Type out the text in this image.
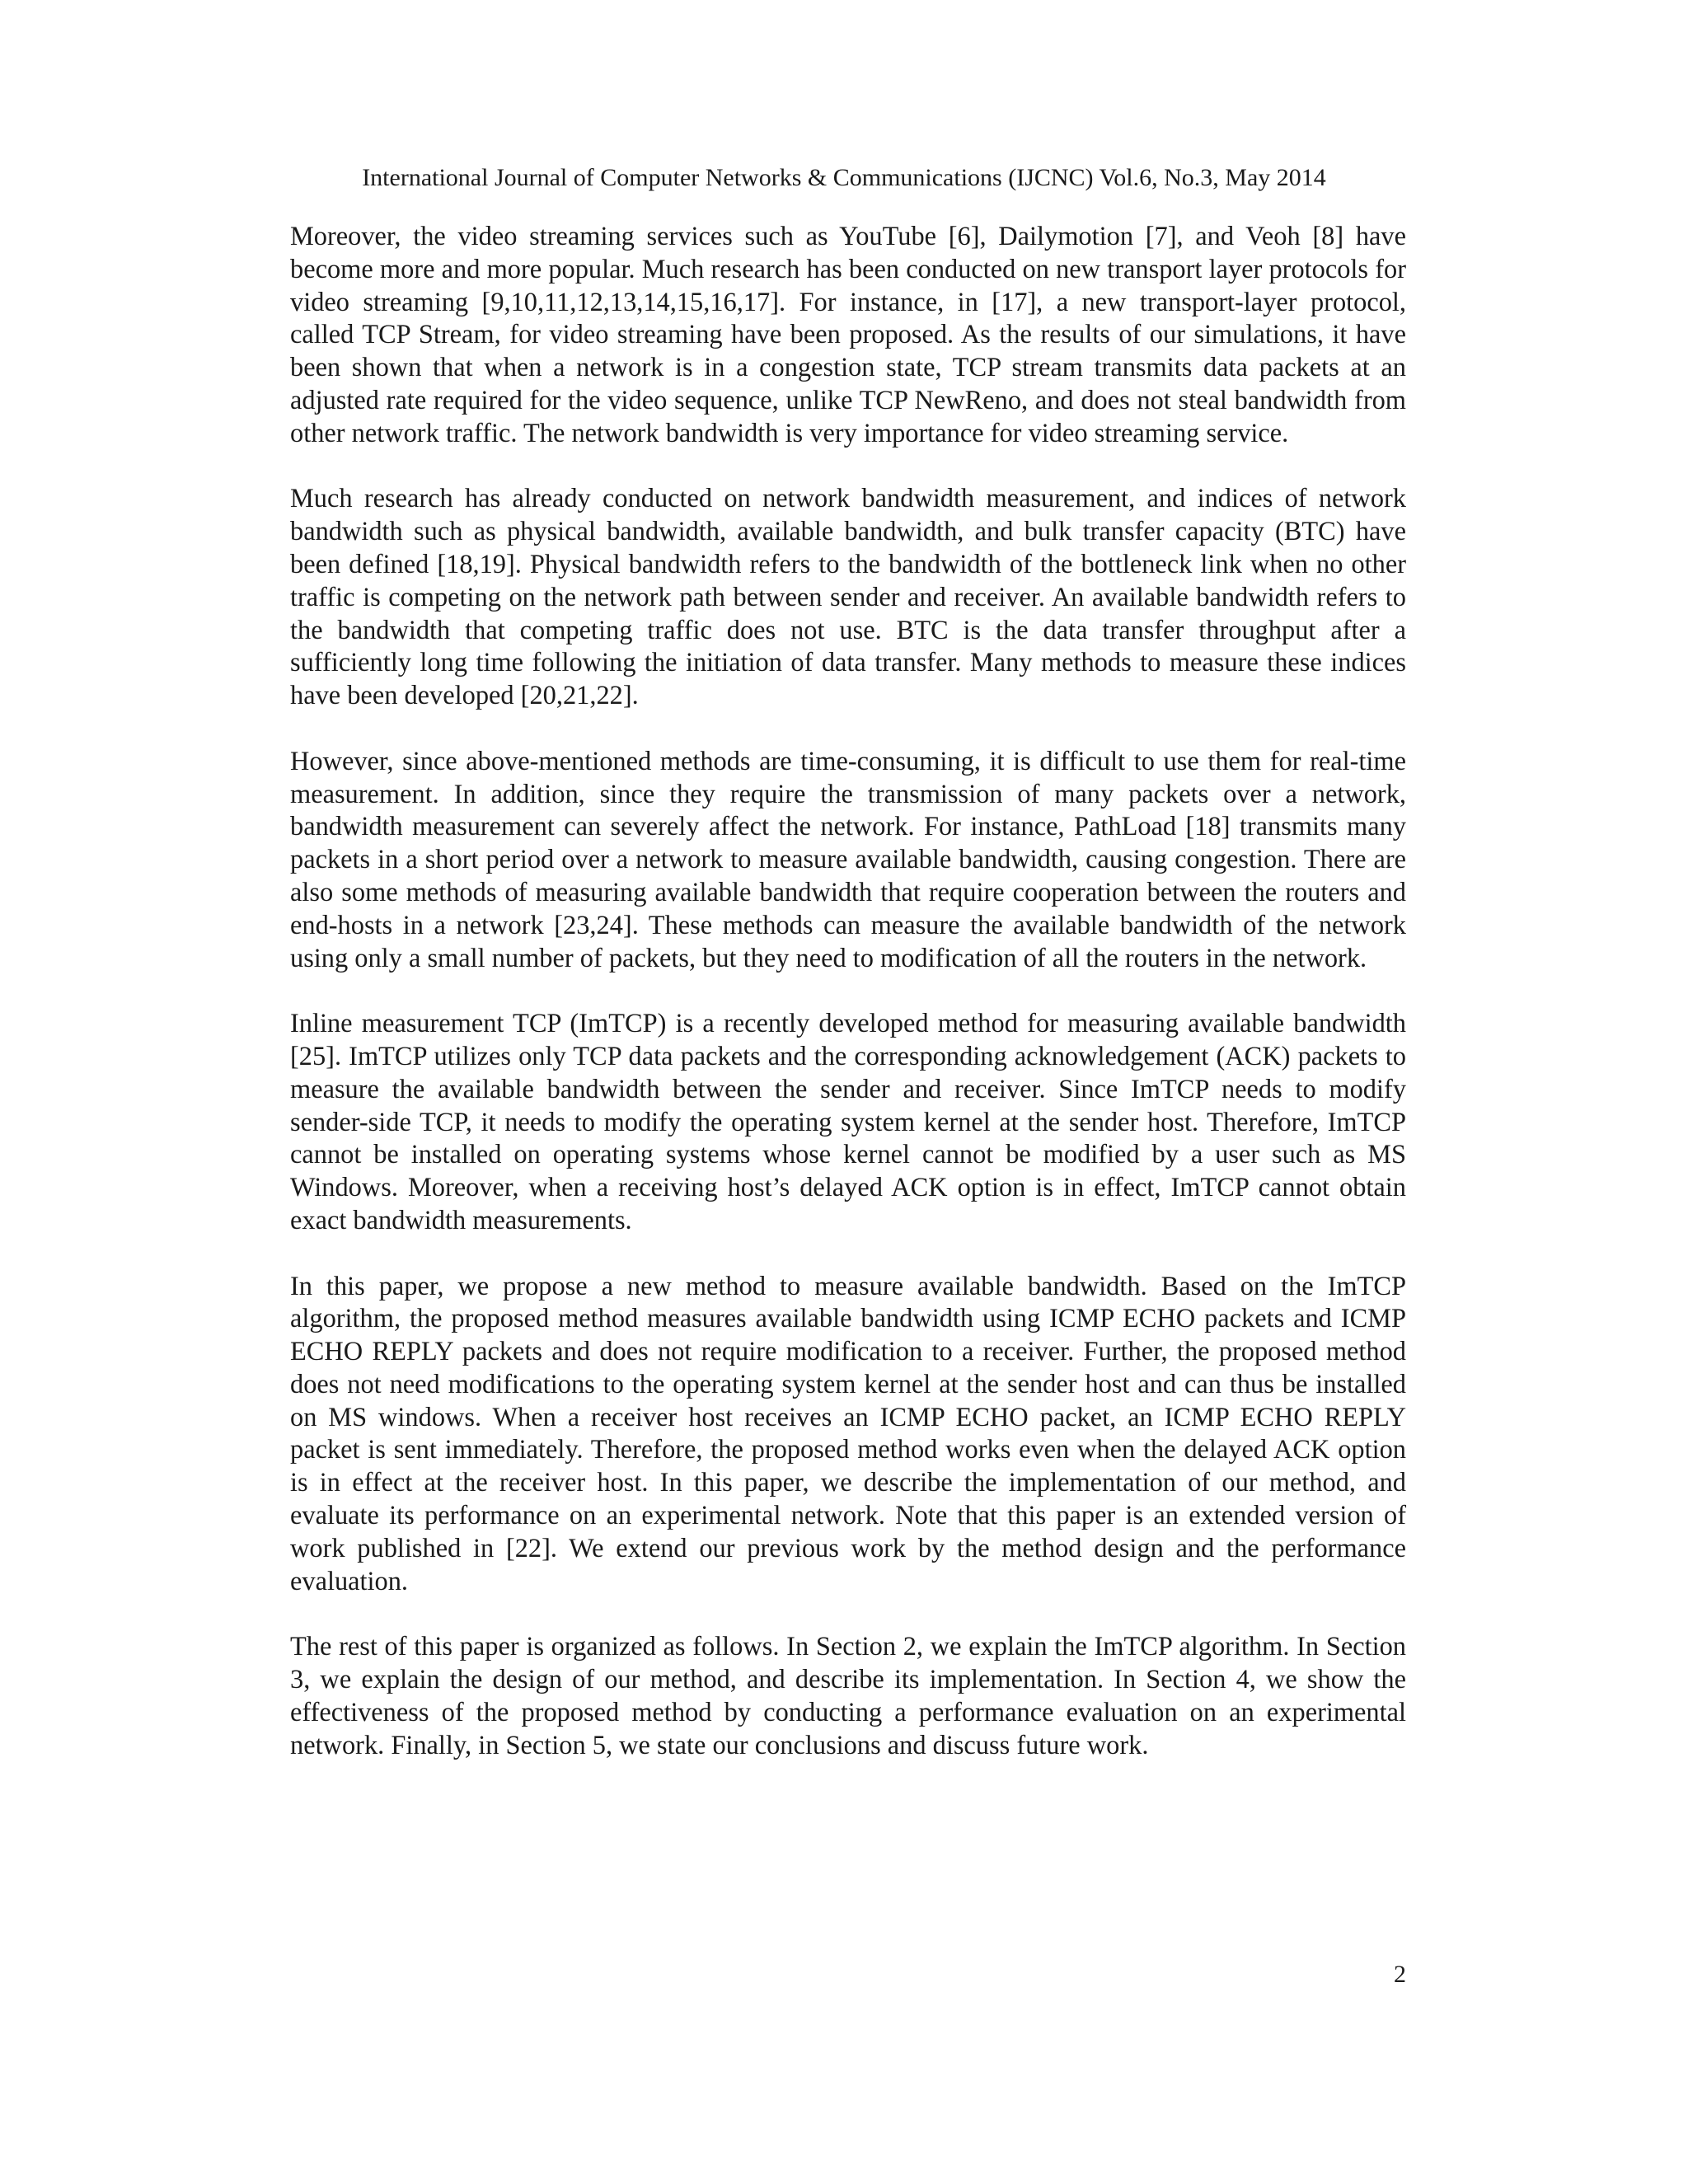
International Journal of Computer Networks & Communications (IJCNC) Vol.6, No.3, May 2014

Moreover, the video streaming services such as YouTube [6], Dailymotion [7], and Veoh [8] have become more and more popular. Much research has been conducted on new transport layer protocols for video streaming [9,10,11,12,13,14,15,16,17]. For instance, in [17], a new transport-layer protocol, called TCP Stream, for video streaming have been proposed. As the results of our simulations, it have been shown that when a network is in a congestion state, TCP stream transmits data packets at an adjusted rate required for the video sequence, unlike TCP NewReno, and does not steal bandwidth from other network traffic. The network bandwidth is very importance for video streaming service.

Much research has already conducted on network bandwidth measurement, and indices of network bandwidth such as physical bandwidth, available bandwidth, and bulk transfer capacity (BTC) have been defined [18,19]. Physical bandwidth refers to the bandwidth of the bottleneck link when no other traffic is competing on the network path between sender and receiver. An available bandwidth refers to the bandwidth that competing traffic does not use. BTC is the data transfer throughput after a sufficiently long time following the initiation of data transfer. Many methods to measure these indices have been developed [20,21,22].

However, since above-mentioned methods are time-consuming, it is difficult to use them for real-time measurement. In addition, since they require the transmission of many packets over a network, bandwidth measurement can severely affect the network. For instance, PathLoad [18] transmits many packets in a short period over a network to measure available bandwidth, causing congestion. There are also some methods of measuring available bandwidth that require cooperation between the routers and end-hosts in a network [23,24]. These methods can measure the available bandwidth of the network using only a small number of packets, but they need to modification of all the routers in the network.

Inline measurement TCP (ImTCP) is a recently developed method for measuring available bandwidth [25]. ImTCP utilizes only TCP data packets and the corresponding acknowledgement (ACK) packets to measure the available bandwidth between the sender and receiver. Since ImTCP needs to modify sender-side TCP, it needs to modify the operating system kernel at the sender host. Therefore, ImTCP cannot be installed on operating systems whose kernel cannot be modified by a user such as MS Windows. Moreover, when a receiving host’s delayed ACK option is in effect, ImTCP cannot obtain exact bandwidth measurements.

In this paper, we propose a new method to measure available bandwidth. Based on the ImTCP algorithm, the proposed method measures available bandwidth using ICMP ECHO packets and ICMP ECHO REPLY packets and does not require modification to a receiver. Further, the proposed method does not need modifications to the operating system kernel at the sender host and can thus be installed on MS windows. When a receiver host receives an ICMP ECHO packet, an ICMP ECHO REPLY packet is sent immediately. Therefore, the proposed method works even when the delayed ACK option is in effect at the receiver host. In this paper, we describe the implementation of our method, and evaluate its performance on an experimental network. Note that this paper is an extended version of work published in [22]. We extend our previous work by the method design and the performance evaluation.

The rest of this paper is organized as follows. In Section 2, we explain the ImTCP algorithm. In Section 3, we explain the design of our method, and describe its implementation. In Section 4, we show the effectiveness of the proposed method by conducting a performance evaluation on an experimental network. Finally, in Section 5, we state our conclusions and discuss future work.

2
